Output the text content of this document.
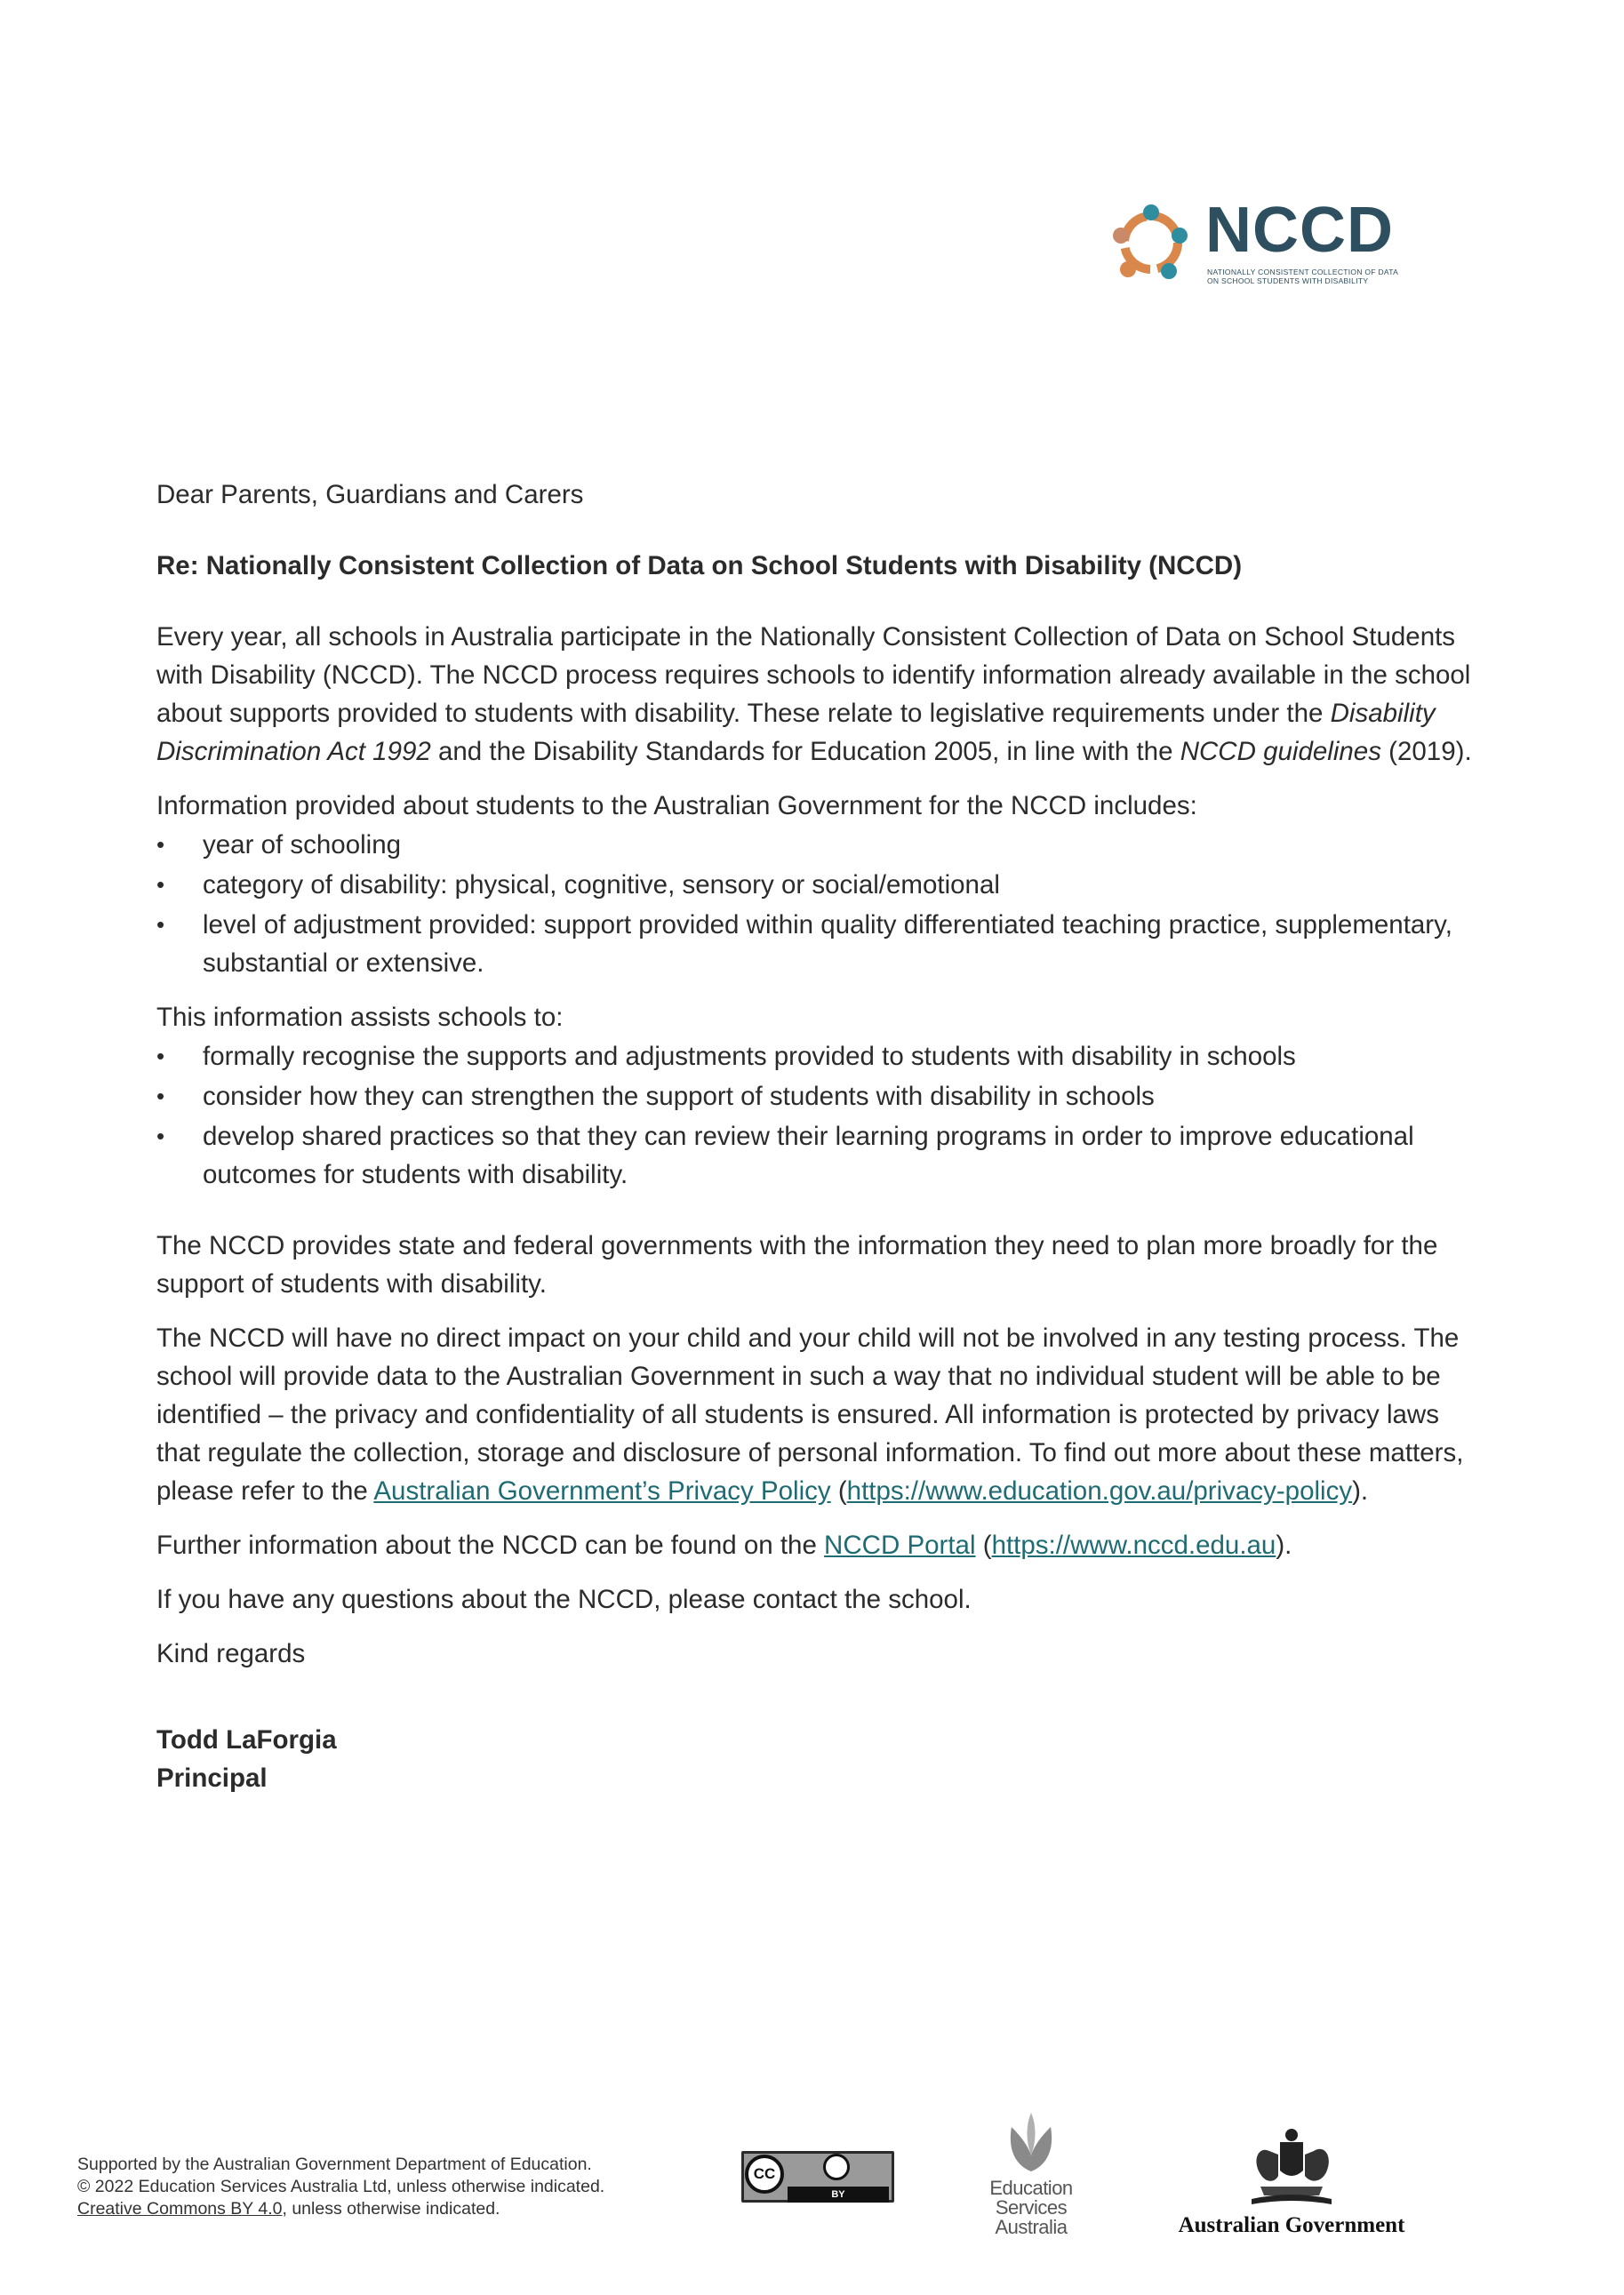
NCCD
NATIONALLY CONSISTENT COLLECTION OF DATA ON SCHOOL STUDENTS WITH DISABILITY

Dear Parents, Guardians and Carers

Re: Nationally Consistent Collection of Data on School Students with Disability (NCCD)

Every year, all schools in Australia participate in the Nationally Consistent Collection of Data on School Students with Disability (NCCD). The NCCD process requires schools to identify information already available in the school about supports provided to students with disability. These relate to legislative requirements under the Disability Discrimination Act 1992 and the Disability Standards for Education 2005, in line with the NCCD guidelines (2019).

Information provided about students to the Australian Government for the NCCD includes:

• year of schooling
• category of disability: physical, cognitive, sensory or social/emotional
• level of adjustment provided: support provided within quality differentiated teaching practice, supplementary, substantial or extensive.

This information assists schools to:

• formally recognise the supports and adjustments provided to students with disability in schools
• consider how they can strengthen the support of students with disability in schools
• develop shared practices so that they can review their learning programs in order to improve educational outcomes for students with disability.

The NCCD provides state and federal governments with the information they need to plan more broadly for the support of students with disability.

The NCCD will have no direct impact on your child and your child will not be involved in any testing process. The school will provide data to the Australian Government in such a way that no individual student will be able to be identified – the privacy and confidentiality of all students is ensured. All information is protected by privacy laws that regulate the collection, storage and disclosure of personal information. To find out more about these matters, please refer to the Australian Government’s Privacy Policy (https://www.education.gov.au/privacy-policy).

Further information about the NCCD can be found on the NCCD Portal (https://www.nccd.edu.au).

If you have any questions about the NCCD, please contact the school.

Kind regards

Todd LaForgia

Principal

Supported by the Australian Government Department of Education.

© 2022 Education Services Australia Ltd, unless otherwise indicated.

Creative Commons BY 4.0, unless otherwise indicated.

CC
BY	Education
Services
Australia	Australian Government
